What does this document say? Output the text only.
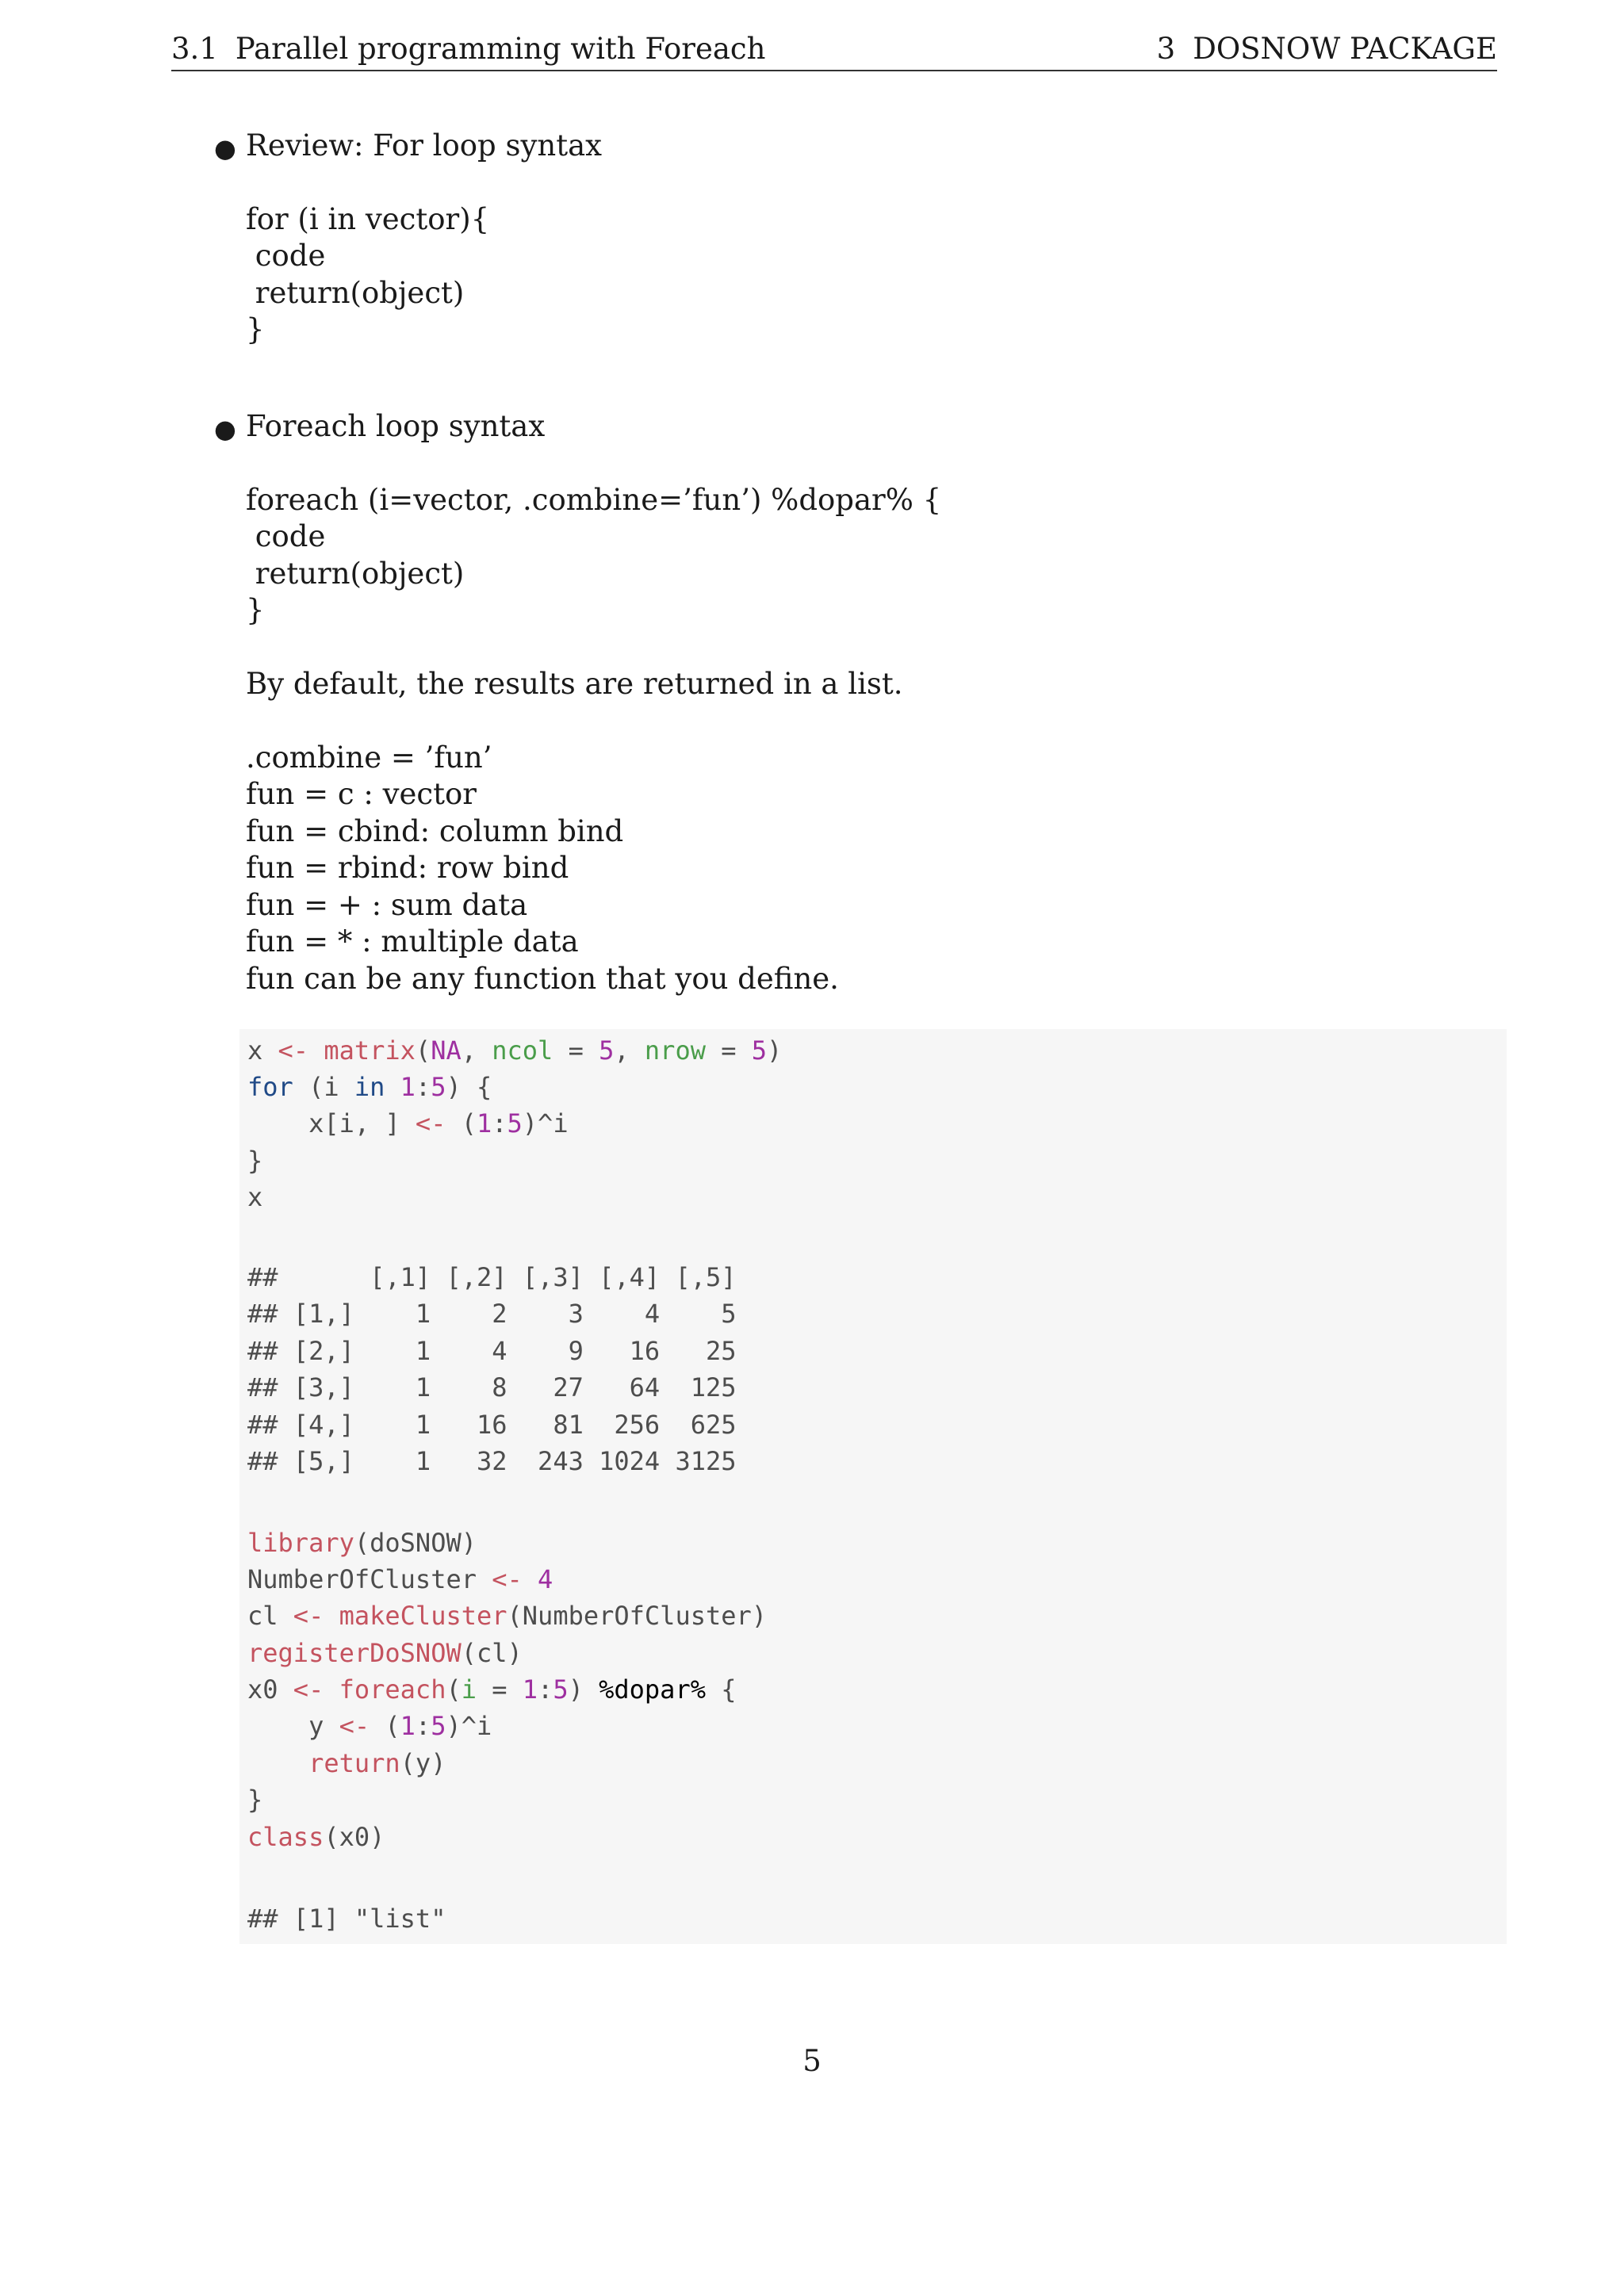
3.1 Parallel programming with Foreach	3 DOSNOW PACKAGE
● Review: For loop syntax
for (i in vector){
code
return(object)
}
● Foreach loop syntax
foreach (i=vector, .combine=’fun’) %dopar% {
code
return(object)
}
By default, the results are returned in a list.
.combine = ’fun’
fun = c : vector
fun = cbind: column bind
fun = rbind: row bind
fun = + : sum data
fun = * : multiple data
fun can be any function that you define.
x <- matrix(NA, ncol = 5, nrow = 5)
for (i in 1:5) {
x[i, ] <- (1:5)^i
}
x
##      [,1] [,2] [,3] [,4] [,5]
## [1,]    1    2    3    4    5
## [2,]    1    4    9   16   25
## [3,]    1    8   27   64  125
## [4,]    1   16   81  256  625
## [5,]    1   32  243 1024 3125
library(doSNOW)
NumberOfCluster <- 4
cl <- makeCluster(NumberOfCluster)
registerDoSNOW(cl)
x0 <- foreach(i = 1:5) %dopar% {
y <- (1:5)^i
return(y)
}
class(x0)
## [1] "list"
5
